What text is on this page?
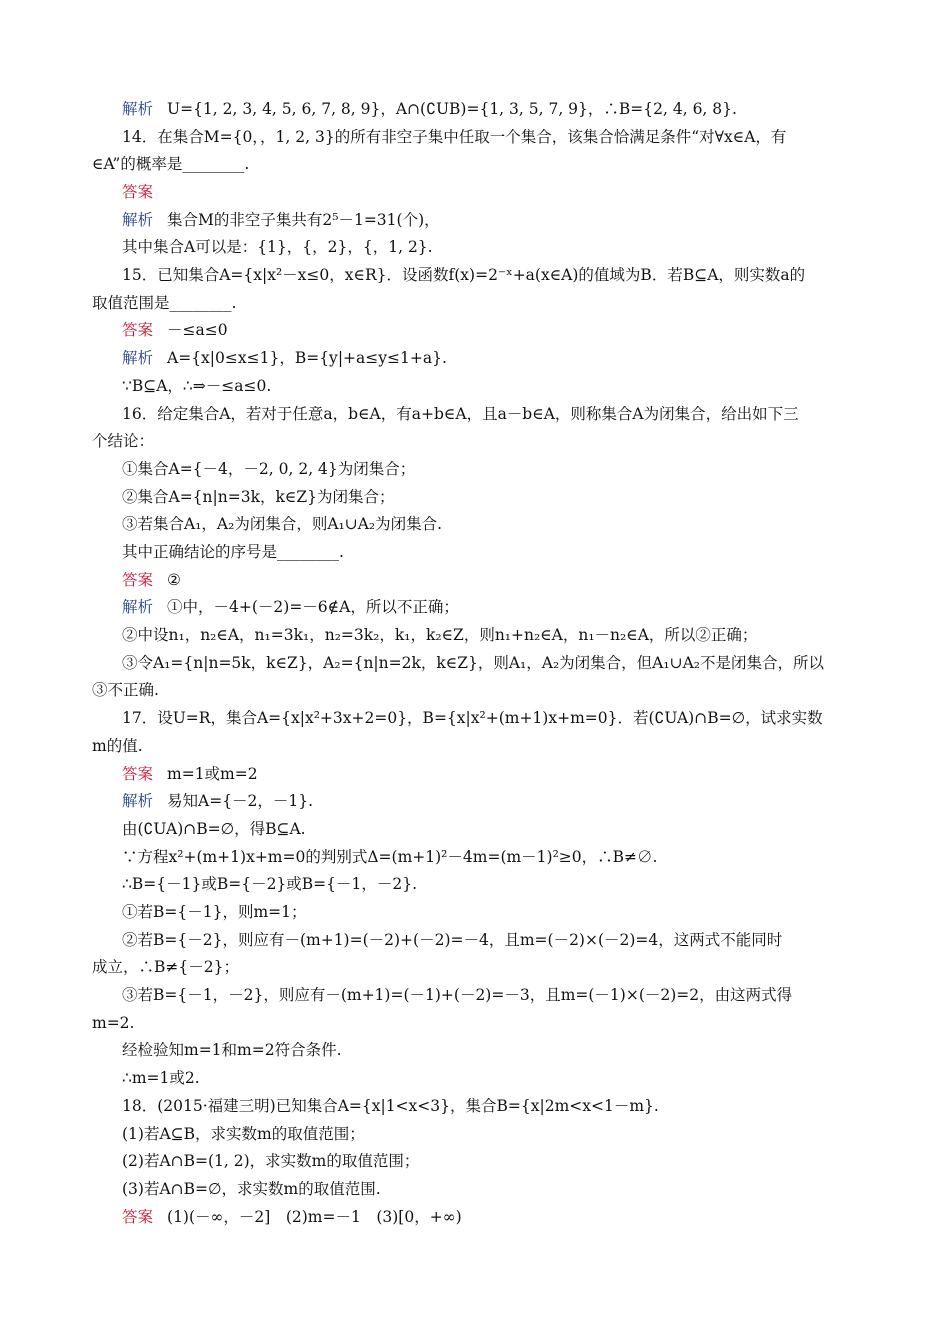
解析 U={1, 2, 3, 4, 5, 6, 7, 8, 9}，A∩(∁UB)={1, 3, 5, 7, 9}，∴B={2, 4, 6, 8}.
14．在集合M={0，，1, 2, 3}的所有非空子集中任取一个集合，该集合恰满足条件“对∀x∈A，有
∈A”的概率是________.
答案
解析 集合M的非空子集共有2⁵－1=31(个)，
其中集合A可以是：{1}，{，2}，{，1, 2}.
15．已知集合A={x|x²－x≤0，x∈R}．设函数f(x)=2⁻ˣ+a(x∈A)的值域为B．若B⊆A，则实数a的
取值范围是________.
答案 －≤a≤0
解析 A={x|0≤x≤1}，B={y|+a≤y≤1+a}.
∵B⊆A，∴⇒－≤a≤0.
16．给定集合A，若对于任意a，b∈A，有a+b∈A，且a－b∈A，则称集合A为闭集合，给出如下三
个结论：
①集合A={－4，－2, 0, 2, 4}为闭集合；
②集合A={n|n=3k，k∈Z}为闭集合；
③若集合A₁，A₂为闭集合，则A₁∪A₂为闭集合.
其中正确结论的序号是________.
答案 ②
解析 ①中，－4+(－2)=－6∉A，所以不正确；
②中设n₁，n₂∈A，n₁=3k₁，n₂=3k₂，k₁，k₂∈Z，则n₁+n₂∈A，n₁－n₂∈A，所以②正确；
③令A₁={n|n=5k，k∈Z}，A₂={n|n=2k，k∈Z}，则A₁，A₂为闭集合，但A₁∪A₂不是闭集合，所以
③不正确.
17．设U=R，集合A={x|x²+3x+2=0}，B={x|x²+(m+1)x+m=0}．若(∁UA)∩B=∅，试求实数
m的值.
答案 m=1或m=2
解析 易知A={－2，－1}.
由(∁UA)∩B=∅，得B⊆A.
∵方程x²+(m+1)x+m=0的判别式Δ=(m+1)²－4m=(m－1)²≥0，∴B≠∅.
∴B={－1}或B={－2}或B={－1，－2}.
①若B={－1}，则m=1；
②若B={－2}，则应有－(m+1)=(－2)+(－2)=－4，且m=(－2)×(－2)=4，这两式不能同时
成立，∴B≠{－2}；
③若B={－1，－2}，则应有－(m+1)=(－1)+(－2)=－3，且m=(－1)×(－2)=2，由这两式得
m=2.
经检验知m=1和m=2符合条件.
∴m=1或2.
18．(2015·福建三明)已知集合A={x|1<x<3}，集合B={x|2m<x<1－m}.
(1)若A⊆B，求实数m的取值范围；
(2)若A∩B=(1, 2)，求实数m的取值范围；
(3)若A∩B=∅，求实数m的取值范围.
答案 (1)(－∞，－2]　(2)m=－1　(3)[0，+∞)
